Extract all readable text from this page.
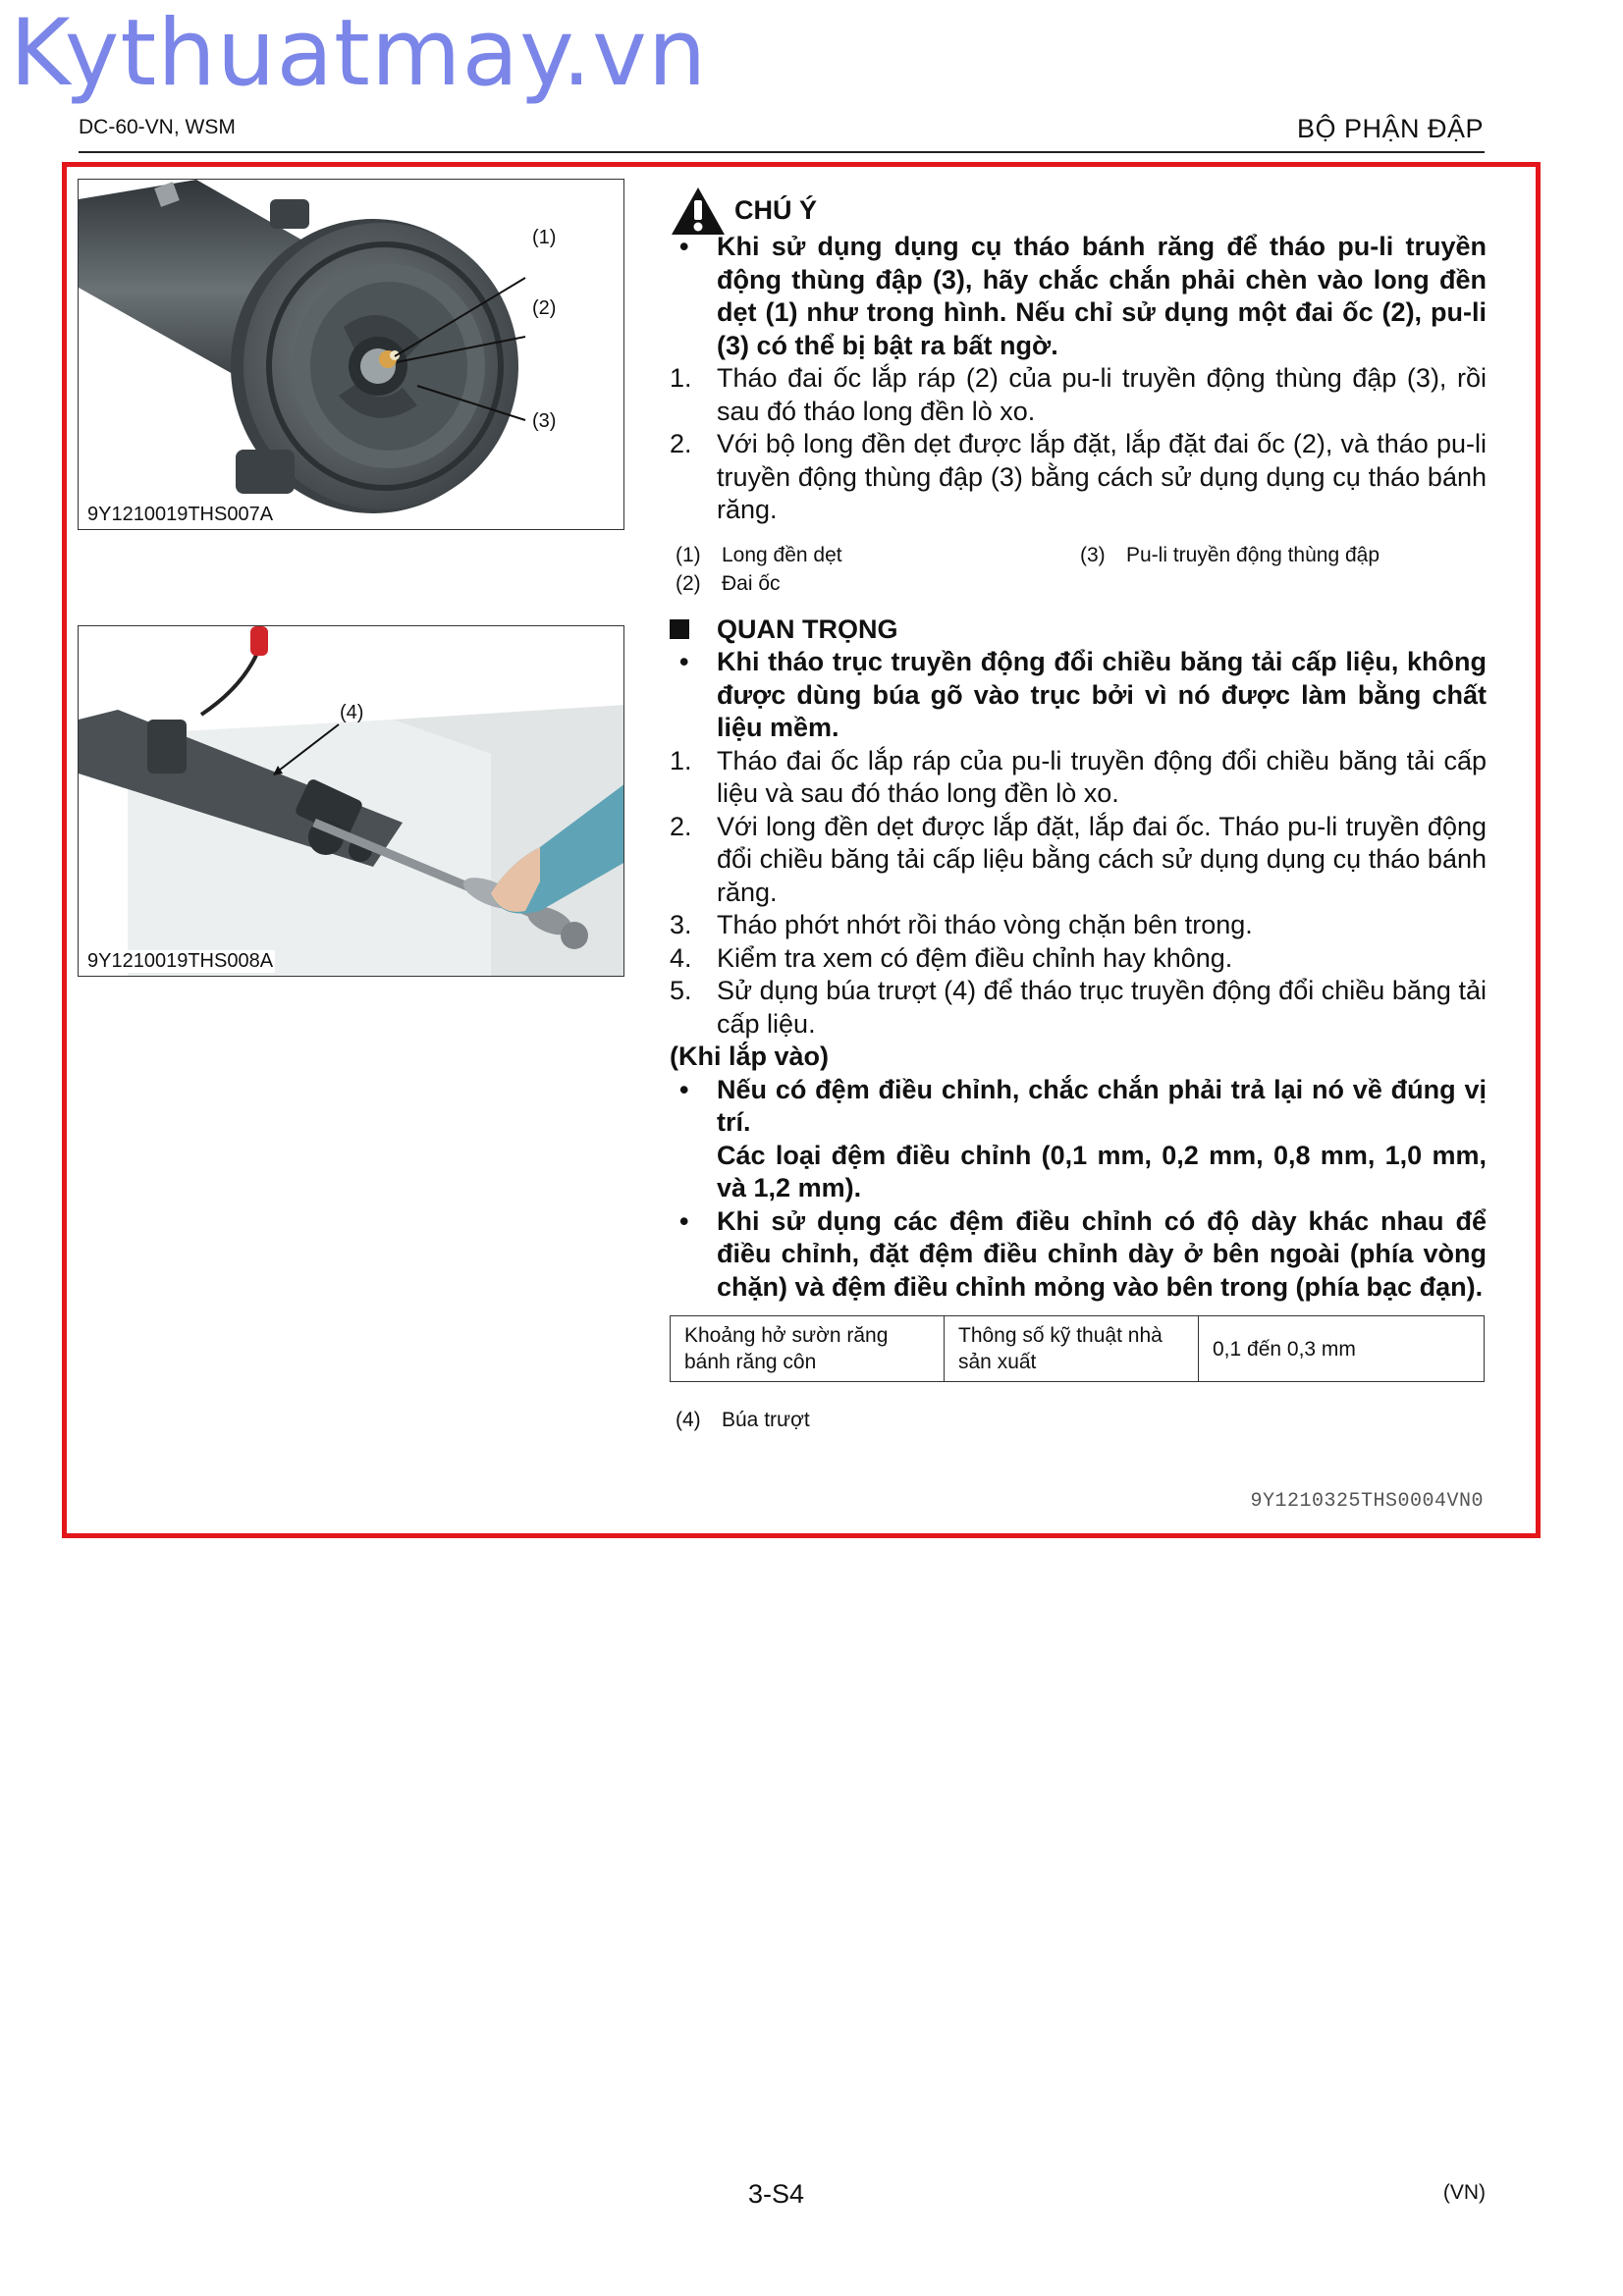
Kythuatmay.vn
DC-60-VN, WSM	BỘ PHẬN ĐẬP
(1)
(2)
(3)
9Y1210019THS007A
(4)
9Y1210019THS008A
CHÚ Ý
•	Khi sử dụng dụng cụ tháo bánh răng để tháo pu-li truyền động thùng đập (3), hãy chắc chắn phải chèn vào long đền dẹt (1) như trong hình. Nếu chỉ sử dụng một đai ốc (2), pu-li (3) có thể bị bật ra bất ngờ.
1. Tháo đai ốc lắp ráp (2) của pu-li truyền động thùng đập (3), rồi sau đó tháo long đền lò xo.
2. Với bộ long đền dẹt được lắp đặt, lắp đặt đai ốc (2), và tháo pu-li truyền động thùng đập (3) bằng cách sử dụng dụng cụ tháo bánh răng.
(1) Long đền dẹt
(2) Đai ốc
(3) Pu-li truyền động thùng đập
QUAN TRỌNG
•	Khi tháo trục truyền động đổi chiều băng tải cấp liệu, không được dùng búa gõ vào trục bởi vì nó được làm bằng chất liệu mềm.
1. Tháo đai ốc lắp ráp của pu-li truyền động đổi chiều băng tải cấp liệu và sau đó tháo long đền lò xo.
2. Với long đền dẹt được lắp đặt, lắp đai ốc. Tháo pu-li truyền động đổi chiều băng tải cấp liệu bằng cách sử dụng dụng cụ tháo bánh răng.
3. Tháo phớt nhớt rồi tháo vòng chặn bên trong.
4. Kiểm tra xem có đệm điều chỉnh hay không.
5. Sử dụng búa trượt (4) để tháo trục truyền động đổi chiều băng tải cấp liệu.
(Khi lắp vào)
•	Nếu có đệm điều chỉnh, chắc chắn phải trả lại nó về đúng vị trí.
Các loại đệm điều chỉnh (0,1 mm, 0,2 mm, 0,8 mm, 1,0 mm, và 1,2 mm).
•	Khi sử dụng các đệm điều chỉnh có độ dày khác nhau để điều chỉnh, đặt đệm điều chỉnh dày ở bên ngoài (phía vòng chặn) và đệm điều chỉnh mỏng vào bên trong (phía bạc đạn).
Khoảng hở sườn răng bánh răng côn	Thông số kỹ thuật nhà sản xuất	0,1 đến 0,3 mm
(4) Búa trượt
9Y1210325THS0004VN0
3-S4	(VN)
